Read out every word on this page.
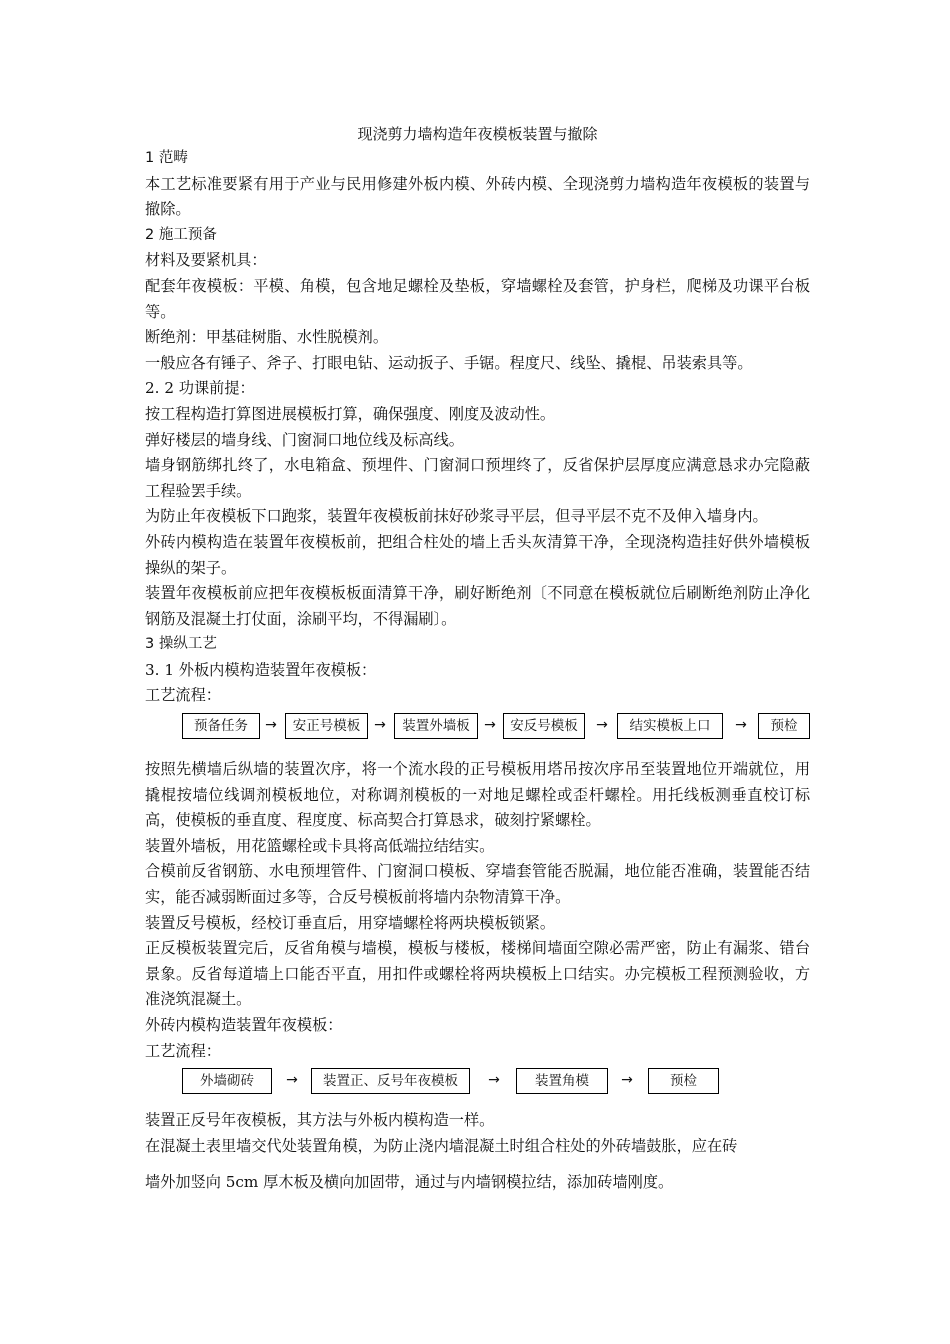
现浇剪力墙构造年夜模板装置与撤除

1 范畴

本工艺标准要紧有用于产业与民用修建外板内模、外砖内模、全现浇剪力墙构造年夜模板的装置与撤除。

2 施工预备

材料及要紧机具：

配套年夜模板：平模、角模，包含地足螺栓及垫板，穿墙螺栓及套管，护身栏，爬梯及功课平台板等。

断绝剂：甲基硅树脂、水性脱模剂。

一般应各有锤子、斧子、打眼电钻、运动扳子、手锯。程度尺、线坠、撬棍、吊装索具等。

2. 2 功课前提：

按工程构造打算图进展模板打算，确保强度、刚度及波动性。

弹好楼层的墙身线、门窗洞口地位线及标高线。

墙身钢筋绑扎终了，水电箱盒、预埋件、门窗洞口预埋终了，反省保护层厚度应满意恳求办完隐蔽工程验罢手续。

为防止年夜模板下口跑浆，装置年夜模板前抹好砂浆寻平层，但寻平层不克不及伸入墙身内。

外砖内模构造在装置年夜模板前，把组合柱处的墙上舌头灰清算干净，全现浇构造挂好供外墙模板操纵的架子。

装置年夜模板前应把年夜模板板面清算干净，刷好断绝剂〔不同意在模板就位后刷断绝剂防止净化钢筋及混凝土打仗面，涂刷平均，不得漏刷〕。

3 操纵工艺

3. 1 外板内模构造装置年夜模板：

工艺流程：

预备任务	→	安正号模板 →	装置外墙板	→	安反号模板	→	结实模板上口	→	预检

按照先横墙后纵墙的装置次序，将一个流水段的正号模板用塔吊按次序吊至装置地位开端就位，用撬棍按墙位线调剂模板地位，对称调剂模板的一对地足螺栓或歪杆螺栓。用托线板测垂直校订标高，使模板的垂直度、程度度、标高契合打算恳求，破刻拧紧螺栓。

装置外墙板，用花篮螺栓或卡具将高低端拉结结实。

合模前反省钢筋、水电预埋管件、门窗洞口模板、穿墙套管能否脱漏，地位能否准确，装置能否结实，能否减弱断面过多等，合反号模板前将墙内杂物清算干净。

装置反号模板，经校订垂直后，用穿墙螺栓将两块模板锁紧。

正反模板装置完后，反省角模与墙模，模板与楼板，楼梯间墙面空隙必需严密，防止有漏浆、错台景象。反省每道墙上口能否平直，用扣件或螺栓将两块模板上口结实。办完模板工程预测验收，方准浇筑混凝土。

外砖内模构造装置年夜模板：

工艺流程：

外墙砌砖	→	装置正、反号年夜模板	→	装置角模	→	预检

装置正反号年夜模板，其方法与外板内模构造一样。

在混凝土表里墙交代处装置角模，为防止浇内墙混凝土时组合柱处的外砖墙鼓胀，应在砖

墙外加竖向 5cm 厚木板及横向加固带，通过与内墙钢模拉结，添加砖墙刚度。
